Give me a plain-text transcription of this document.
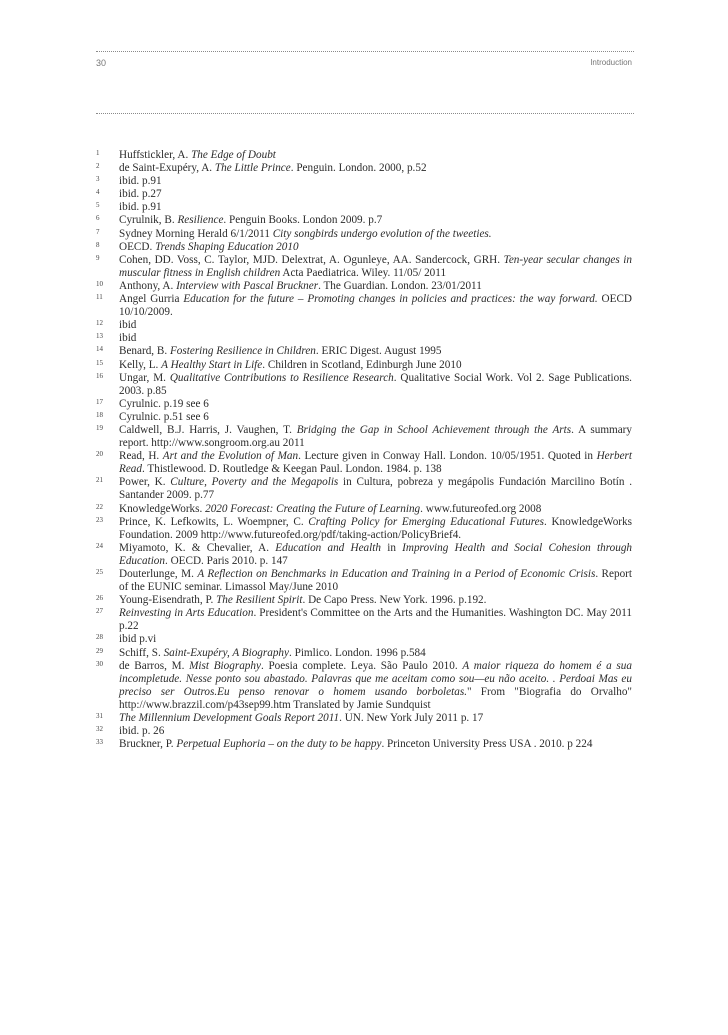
30	Introduction
1 Huffstickler, A. The Edge of Doubt
2 de Saint-Exupéry, A. The Little Prince. Penguin. London. 2000, p.52
3 ibid. p.91
4 ibid. p.27
5 ibid. p.91
6 Cyrulnik, B. Resilience. Penguin Books. London 2009. p.7
7 Sydney Morning Herald 6/1/2011 City songbirds undergo evolution of the tweeties.
8 OECD. Trends Shaping Education 2010
9 Cohen, DD. Voss, C. Taylor, MJD. Delextrat, A. Ogunleye, AA. Sandercock, GRH. Ten-year secular changes in muscular fitness in English children Acta Paediatrica. Wiley. 11/05/ 2011
10 Anthony, A. Interview with Pascal Bruckner. The Guardian. London. 23/01/2011
11 Angel Gurria Education for the future – Promoting changes in policies and practices: the way forward. OECD 10/10/2009.
12 ibid
13 ibid
14 Benard, B. Fostering Resilience in Children. ERIC Digest. August 1995
15 Kelly, L. A Healthy Start in Life. Children in Scotland, Edinburgh June 2010
16 Ungar, M. Qualitative Contributions to Resilience Research. Qualitative Social Work. Vol 2. Sage Publications. 2003. p.85
17 Cyrulnic. p.19 see 6
18 Cyrulnic. p.51 see 6
19 Caldwell, B.J. Harris, J. Vaughen, T. Bridging the Gap in School Achievement through the Arts. A summary report. http://www.songroom.org.au 2011
20 Read, H. Art and the Evolution of Man. Lecture given in Conway Hall. London. 10/05/1951. Quoted in Herbert Read. Thistlewood. D. Routledge & Keegan Paul. London. 1984. p. 138
21 Power, K. Culture, Poverty and the Megapolis in Cultura, pobreza y megápolis Fundación Marcilino Botín . Santander 2009. p.77
22 KnowledgeWorks. 2020 Forecast: Creating the Future of Learning. www.futureofed.org 2008
23 Prince, K. Lefkowits, L. Woempner, C. Crafting Policy for Emerging Educational Futures. KnowledgeWorks Foundation. 2009 http://www.futureofed.org/pdf/taking-action/PolicyBrief4.
24 Miyamoto, K. & Chevalier, A. Education and Health in Improving Health and Social Cohesion through Education. OECD. Paris 2010. p. 147
25 Douterlunge, M. A Reflection on Benchmarks in Education and Training in a Period of Economic Crisis. Report of the EUNIC seminar. Limassol May/June 2010
26 Young-Eisendrath, P. The Resilient Spirit. De Capo Press. New York. 1996. p.192.
27 Reinvesting in Arts Education. President's Committee on the Arts and the Humanities. Washington DC. May 2011 p.22
28 ibid p.vi
29 Schiff, S. Saint-Exupéry, A Biography. Pimlico. London. 1996 p.584
30 de Barros, M. Mist Biography. Poesia complete. Leya. São Paulo 2010. A maior riqueza do homem é a sua incompletude. Nesse ponto sou abastado. Palavras que me aceitam como sou—eu não aceito. . Perdoai Mas eu preciso ser Outros.Eu penso renovar o homem usando borboletas." From "Biografia do Orvalho" http://www.brazzil.com/p43sep99.htm Translated by Jamie Sundquist
31 The Millennium Development Goals Report 2011. UN. New York July 2011 p. 17
32 ibid. p. 26
33 Bruckner, P. Perpetual Euphoria – on the duty to be happy. Princeton University Press USA . 2010. p 224
